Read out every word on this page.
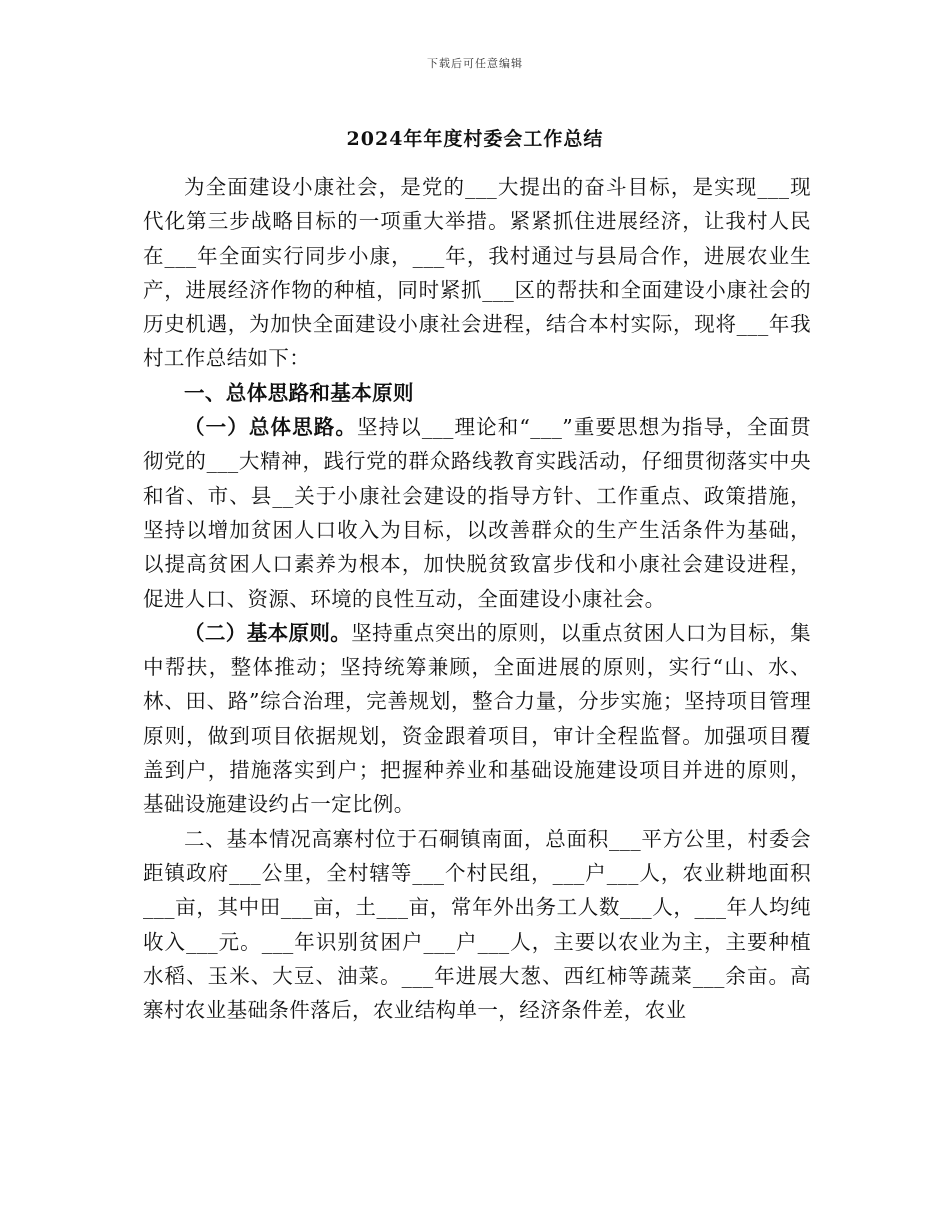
下载后可任意编辑
2024年年度村委会工作总结

为全面建设小康社会，是党的___大提出的奋斗目标，是实现___现代化第三步战略目标的一项重大举措。紧紧抓住进展经济，让我村人民在___年全面实行同步小康，___年，我村通过与县局合作，进展农业生产，进展经济作物的种植，同时紧抓___区的帮扶和全面建设小康社会的历史机遇，为加快全面建设小康社会进程，结合本村实际，现将___年我村工作总结如下：

一、总体思路和基本原则

（一）总体思路。坚持以___理论和“___”重要思想为指导，全面贯彻党的___大精神，践行党的群众路线教育实践活动，仔细贯彻落实中央和省、市、县__关于小康社会建设的指导方针、工作重点、政策措施，坚持以增加贫困人口收入为目标，以改善群众的生产生活条件为基础，以提高贫困人口素养为根本，加快脱贫致富步伐和小康社会建设进程，促进人口、资源、环境的良性互动，全面建设小康社会。

（二）基本原则。坚持重点突出的原则，以重点贫困人口为目标，集中帮扶，整体推动；坚持统筹兼顾，全面进展的原则，实行“山、水、林、田、路”综合治理，完善规划，整合力量，分步实施；坚持项目管理原则，做到项目依据规划，资金跟着项目，审计全程监督。加强项目覆盖到户，措施落实到户；把握种养业和基础设施建设项目并进的原则，基础设施建设约占一定比例。

二、基本情况高寨村位于石硐镇南面，总面积___平方公里，村委会距镇政府___公里，全村辖等___个村民组，___户___人，农业耕地面积___亩，其中田___亩，土___亩，常年外出务工人数___人，___年人均纯收入___元。___年识别贫困户___户___人，主要以农业为主，主要种植水稻、玉米、大豆、油菜。___年进展大葱、西红柿等蔬菜___余亩。高寨村农业基础条件落后，农业结构单一，经济条件差，农业
